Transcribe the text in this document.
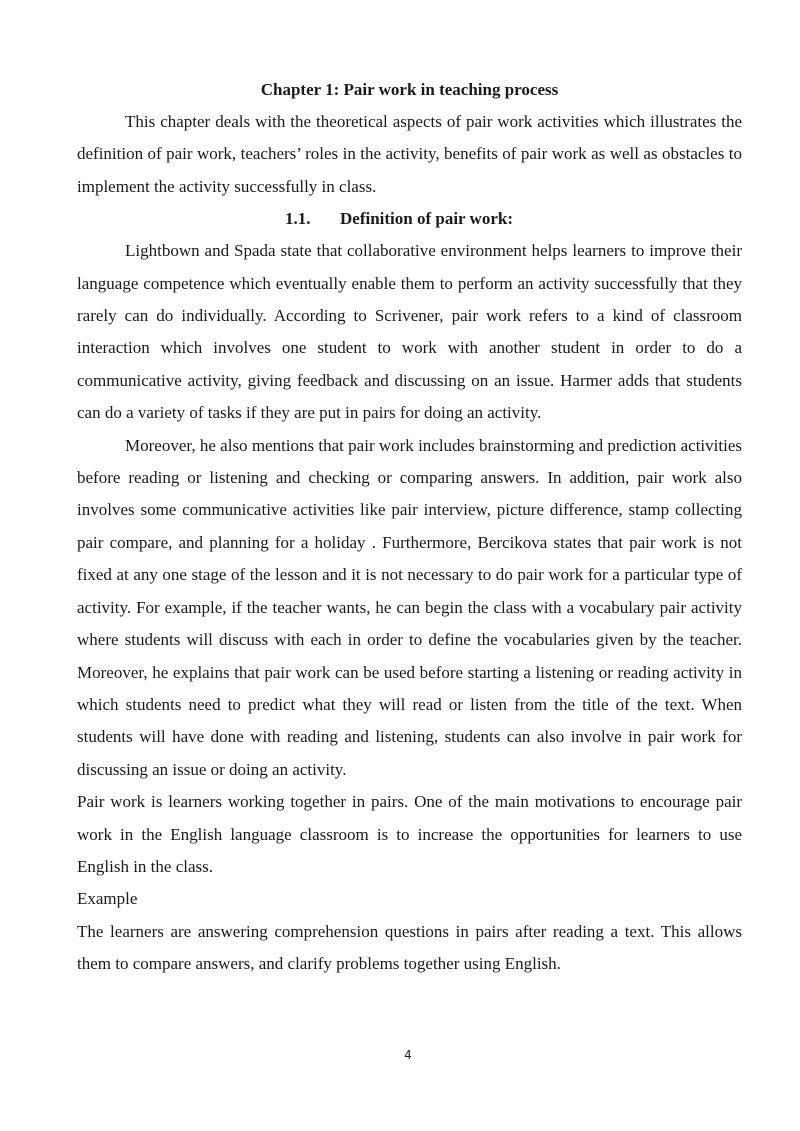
Chapter 1: Pair work in teaching process

This chapter deals with the theoretical aspects of pair work activities which illustrates the definition of pair work, teachers’ roles in the activity, benefits of pair work as well as obstacles to implement the activity successfully in class.

1.1. Definition of pair work:

Lightbown and Spada state that collaborative environment helps learners to improve their language competence which eventually enable them to perform an activity successfully that they rarely can do individually. According to Scrivener, pair work refers to a kind of classroom interaction which involves one student to work with another student in order to do a communicative activity, giving feedback and discussing on an issue. Harmer adds that students can do a variety of tasks if they are put in pairs for doing an activity.

Moreover, he also mentions that pair work includes brainstorming and prediction activities before reading or listening and checking or comparing answers. In addition, pair work also involves some communicative activities like pair interview, picture difference, stamp collecting pair compare, and planning for a holiday . Furthermore, Bercikova states that pair work is not fixed at any one stage of the lesson and it is not necessary to do pair work for a particular type of activity. For example, if the teacher wants, he can begin the class with a vocabulary pair activity where students will discuss with each in order to define the vocabularies given by the teacher. Moreover, he explains that pair work can be used before starting a listening or reading activity in which students need to predict what they will read or listen from the title of the text. When students will have done with reading and listening, students can also involve in pair work for discussing an issue or doing an activity.

Pair work is learners working together in pairs. One of the main motivations to encourage pair work in the English language classroom is to increase the opportunities for learners to use English in the class.

Example

The learners are answering comprehension questions in pairs after reading a text. This allows them to compare answers, and clarify problems together using English.

4
